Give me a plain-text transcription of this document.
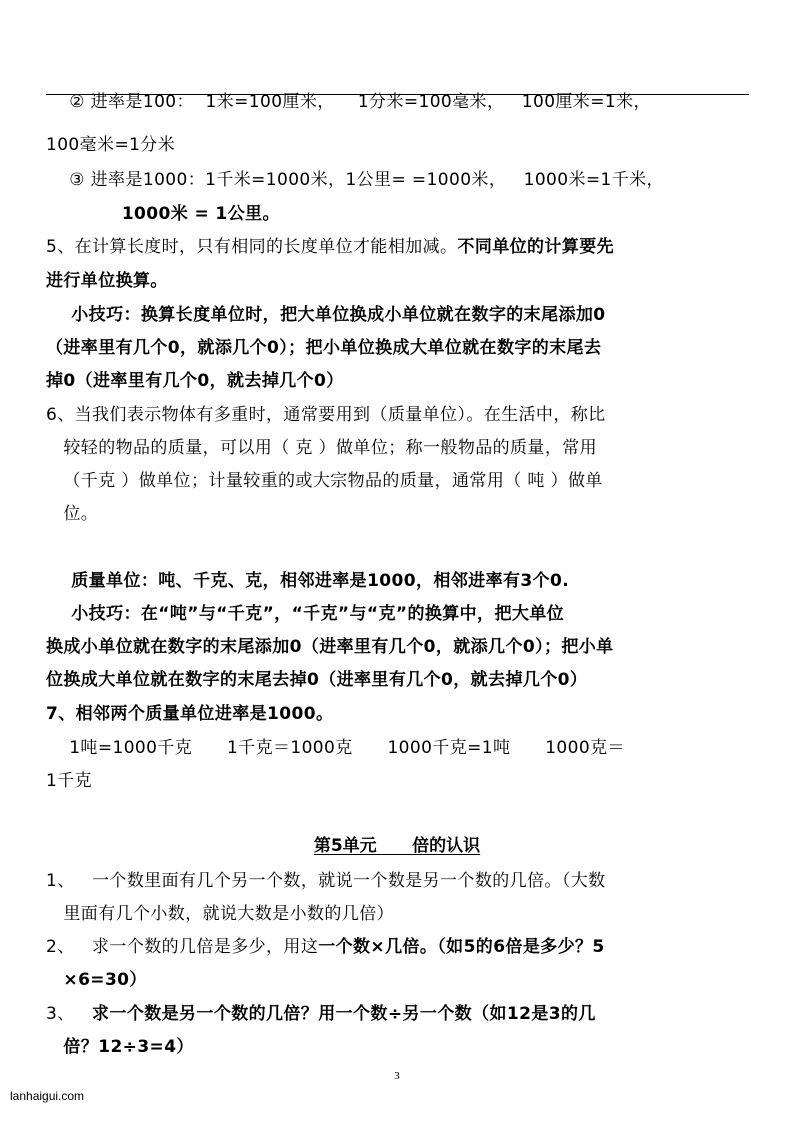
② 进率是100：  1米=100厘米，    1分米=100毫米，   100厘米=1米，
100毫米=1分米
③ 进率是1000：1千米=1000米，1公里= =1000米，   1000米=1千米，
1000米 = 1公里。
5、在计算长度时，只有相同的长度单位才能相加减。不同单位的计算要先
进行单位换算。
小技巧：换算长度单位时，把大单位换成小单位就在数字的末尾添加0
（进率里有几个0，就添几个0）；把小单位换成大单位就在数字的末尾去
掉0（进率里有几个0，就去掉几个0）
6、当我们表示物体有多重时，通常要用到（质量单位）。在生活中，称比
较轻的物品的质量，可以用（ 克 ）做单位；称一般物品的质量，常用
（千克 ）做单位；计量较重的或大宗物品的质量，通常用（ 吨 ）做单
位。
质量单位：吨、千克、克，相邻进率是1000，相邻进率有3个0.
小技巧：在“吨”与“千克”，“千克”与“克”的换算中，把大单位
换成小单位就在数字的末尾添加0（进率里有几个0，就添几个0）；把小单
位换成大单位就在数字的末尾去掉0（进率里有几个0，就去掉几个0）
7、相邻两个质量单位进率是1000。
1吨=1000千克      1千克＝1000克      1000千克=1吨      1000克＝
1千克
第5单元      倍的认识
1、   一个数里面有几个另一个数，就说一个数是另一个数的几倍。（大数
里面有几个小数，就说大数是小数的几倍）
2、   求一个数的几倍是多少，用这一个数×几倍。（如5的6倍是多少？5
×6=30）
3、   求一个数是另一个数的几倍？用一个数÷另一个数（如12是3的几
倍？12÷3=4）
3
lanhaigui.com
